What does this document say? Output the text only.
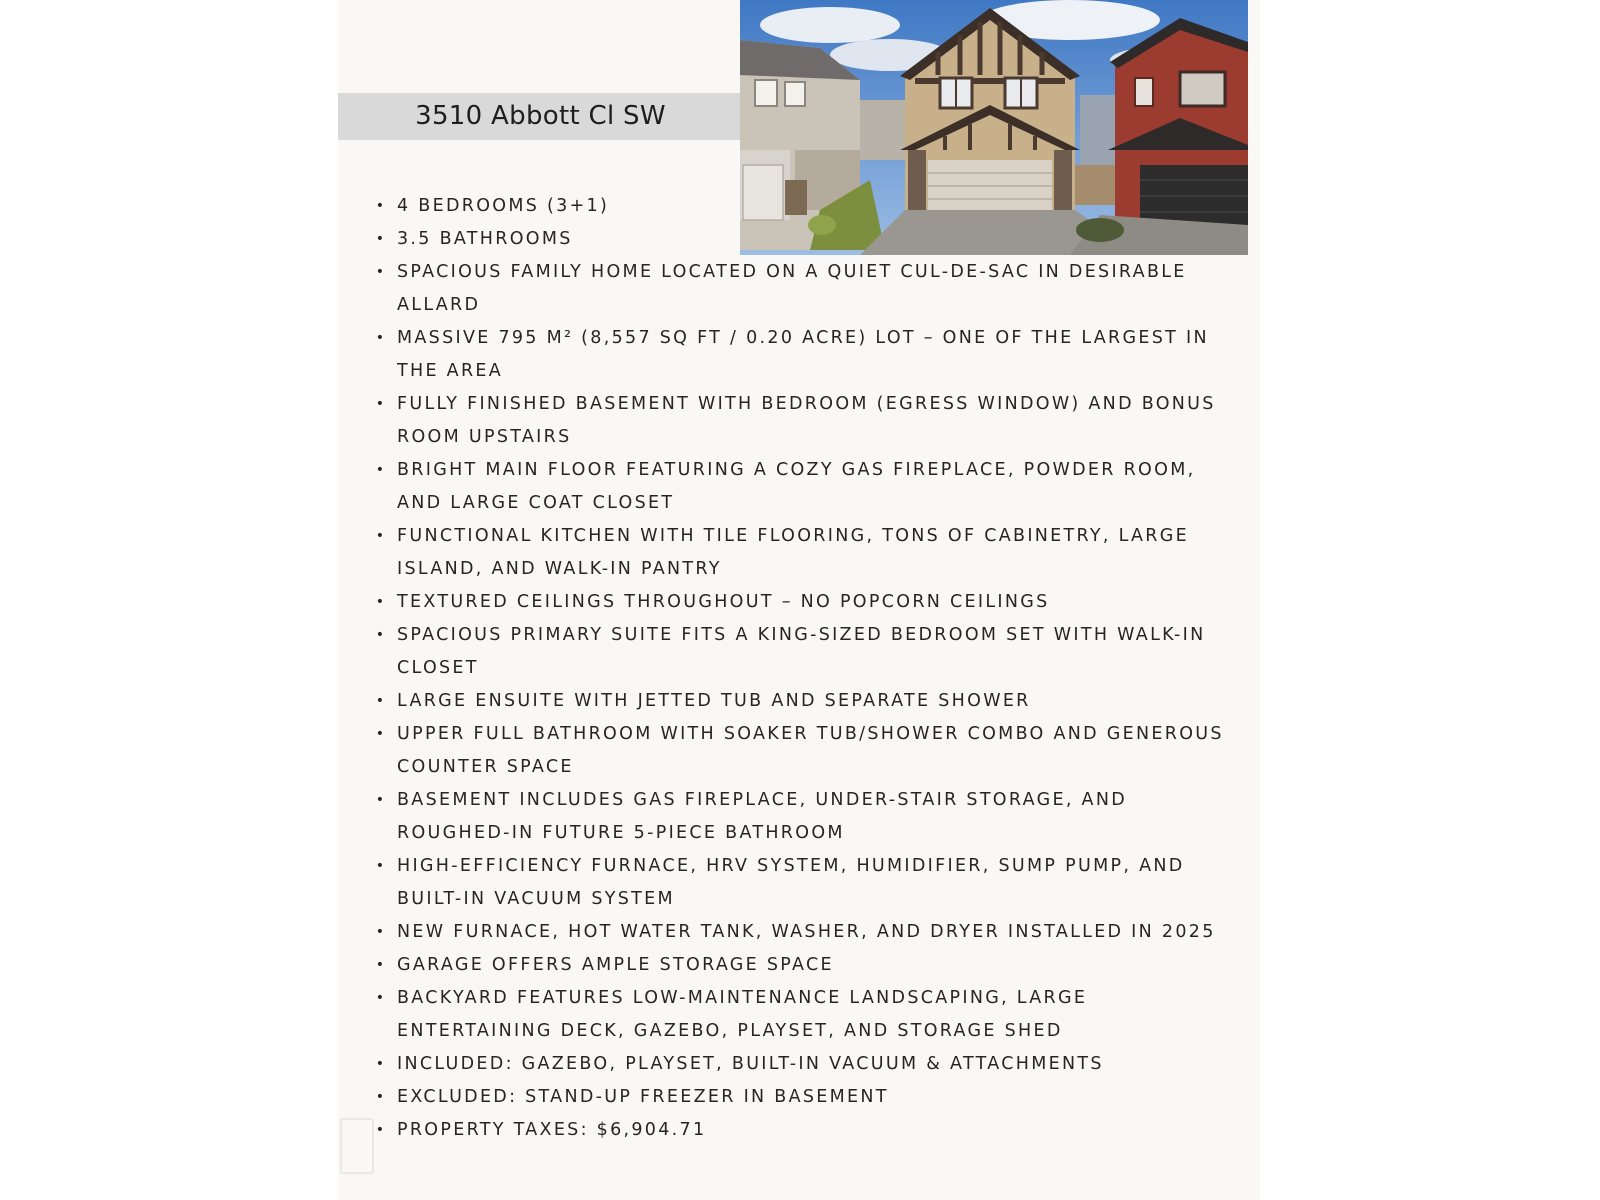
3510 Abbott Cl SW
• 4 BEDROOMS (3+1)
• 3.5 BATHROOMS
• SPACIOUS FAMILY HOME LOCATED ON A QUIET CUL-DE-SAC IN DESIRABLE ALLARD
• MASSIVE 795 M² (8,557 SQ FT / 0.20 ACRE) LOT – ONE OF THE LARGEST IN THE AREA
• FULLY FINISHED BASEMENT WITH BEDROOM (EGRESS WINDOW) AND BONUS ROOM UPSTAIRS
• BRIGHT MAIN FLOOR FEATURING A COZY GAS FIREPLACE, POWDER ROOM, AND LARGE COAT CLOSET
• FUNCTIONAL KITCHEN WITH TILE FLOORING, TONS OF CABINETRY, LARGE ISLAND, AND WALK-IN PANTRY
• TEXTURED CEILINGS THROUGHOUT – NO POPCORN CEILINGS
• SPACIOUS PRIMARY SUITE FITS A KING-SIZED BEDROOM SET WITH WALK-IN CLOSET
• LARGE ENSUITE WITH JETTED TUB AND SEPARATE SHOWER
• UPPER FULL BATHROOM WITH SOAKER TUB/SHOWER COMBO AND GENEROUS COUNTER SPACE
• BASEMENT INCLUDES GAS FIREPLACE, UNDER-STAIR STORAGE, AND ROUGHED-IN FUTURE 5-PIECE BATHROOM
• HIGH-EFFICIENCY FURNACE, HRV SYSTEM, HUMIDIFIER, SUMP PUMP, AND BUILT-IN VACUUM SYSTEM
• NEW FURNACE, HOT WATER TANK, WASHER, AND DRYER INSTALLED IN 2025
• GARAGE OFFERS AMPLE STORAGE SPACE
• BACKYARD FEATURES LOW-MAINTENANCE LANDSCAPING, LARGE ENTERTAINING DECK, GAZEBO, PLAYSET, AND STORAGE SHED
• INCLUDED: GAZEBO, PLAYSET, BUILT-IN VACUUM & ATTACHMENTS
• EXCLUDED: STAND-UP FREEZER IN BASEMENT
• PROPERTY TAXES: $6,904.71
